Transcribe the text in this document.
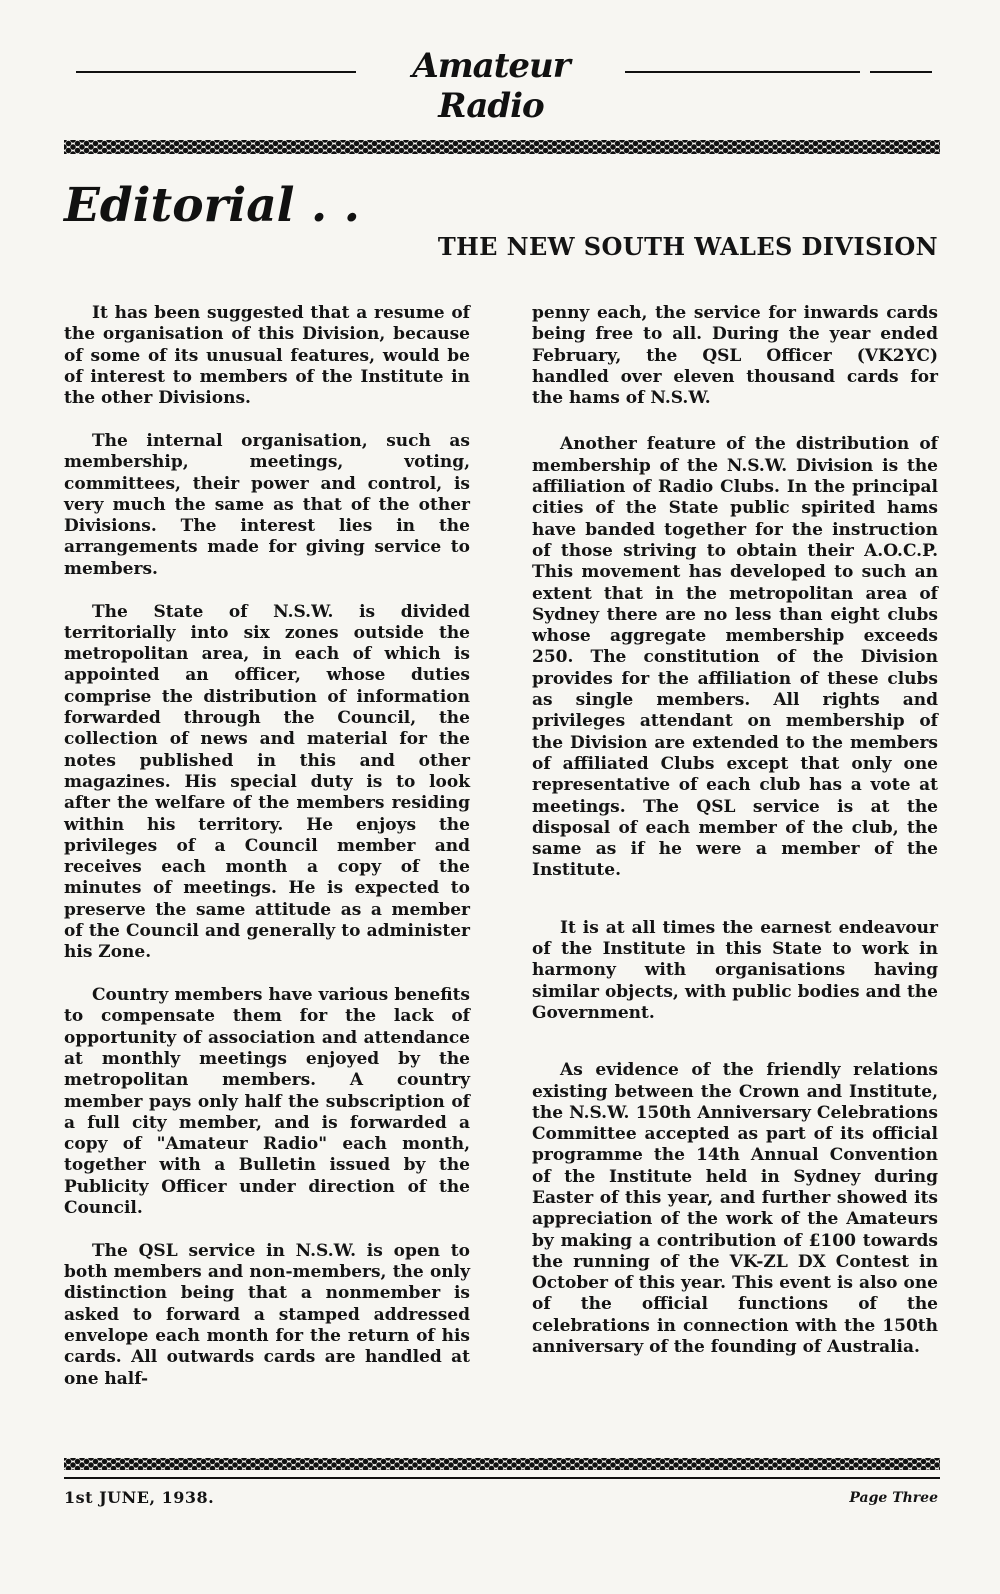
Amateur Radio
Editorial . .
THE NEW SOUTH WALES DIVISION

It has been suggested that a resume of the organisation of this Division, because of some of its unusual features, would be of interest to members of the Institute in the other Divisions.

The internal organisation, such as membership, meetings, voting, committees, their power and control, is very much the same as that of the other Divisions. The interest lies in the arrangements made for giving service to members.

The State of N.S.W. is divided territorially into six zones outside the metropolitan area, in each of which is appointed an officer, whose duties comprise the distribution of information forwarded through the Council, the collection of news and material for the notes published in this and other magazines. His special duty is to look after the welfare of the members residing within his territory. He enjoys the privileges of a Council member and receives each month a copy of the minutes of meetings. He is expected to preserve the same attitude as a member of the Council and generally to administer his Zone.

Country members have various benefits to compensate them for the lack of opportunity of association and attendance at monthly meetings enjoyed by the metropolitan members. A country member pays only half the subscription of a full city member, and is forwarded a copy of "Amateur Radio" each month, together with a Bulletin issued by the Publicity Officer under direction of the Council.

The QSL service in N.S.W. is open to both members and non-members, the only distinction being that a nonmember is asked to forward a stamped addressed envelope each month for the return of his cards. All outwards cards are handled at one half-

penny each, the service for inwards cards being free to all. During the year ended February, the QSL Officer (VK2YC) handled over eleven thousand cards for the hams of N.S.W.

Another feature of the distribution of membership of the N.S.W. Division is the affiliation of Radio Clubs. In the principal cities of the State public spirited hams have banded together for the instruction of those striving to obtain their A.O.C.P. This movement has developed to such an extent that in the metropolitan area of Sydney there are no less than eight clubs whose aggregate membership exceeds 250. The constitution of the Division provides for the affiliation of these clubs as single members. All rights and privileges attendant on membership of the Division are extended to the members of affiliated Clubs except that only one representative of each club has a vote at meetings. The QSL service is at the disposal of each member of the club, the same as if he were a member of the Institute.

It is at all times the earnest endeavour of the Institute in this State to work in harmony with organisations having similar objects, with public bodies and the Government.

As evidence of the friendly relations existing between the Crown and Institute, the N.S.W. 150th Anniversary Celebrations Committee accepted as part of its official programme the 14th Annual Convention of the Institute held in Sydney during Easter of this year, and further showed its appreciation of the work of the Amateurs by making a contribution of £100 towards the running of the VK-ZL DX Contest in October of this year. This event is also one of the official functions of the celebrations in connection with the 150th anniversary of the founding of Australia.

1st JUNE, 1938.	Page Three
